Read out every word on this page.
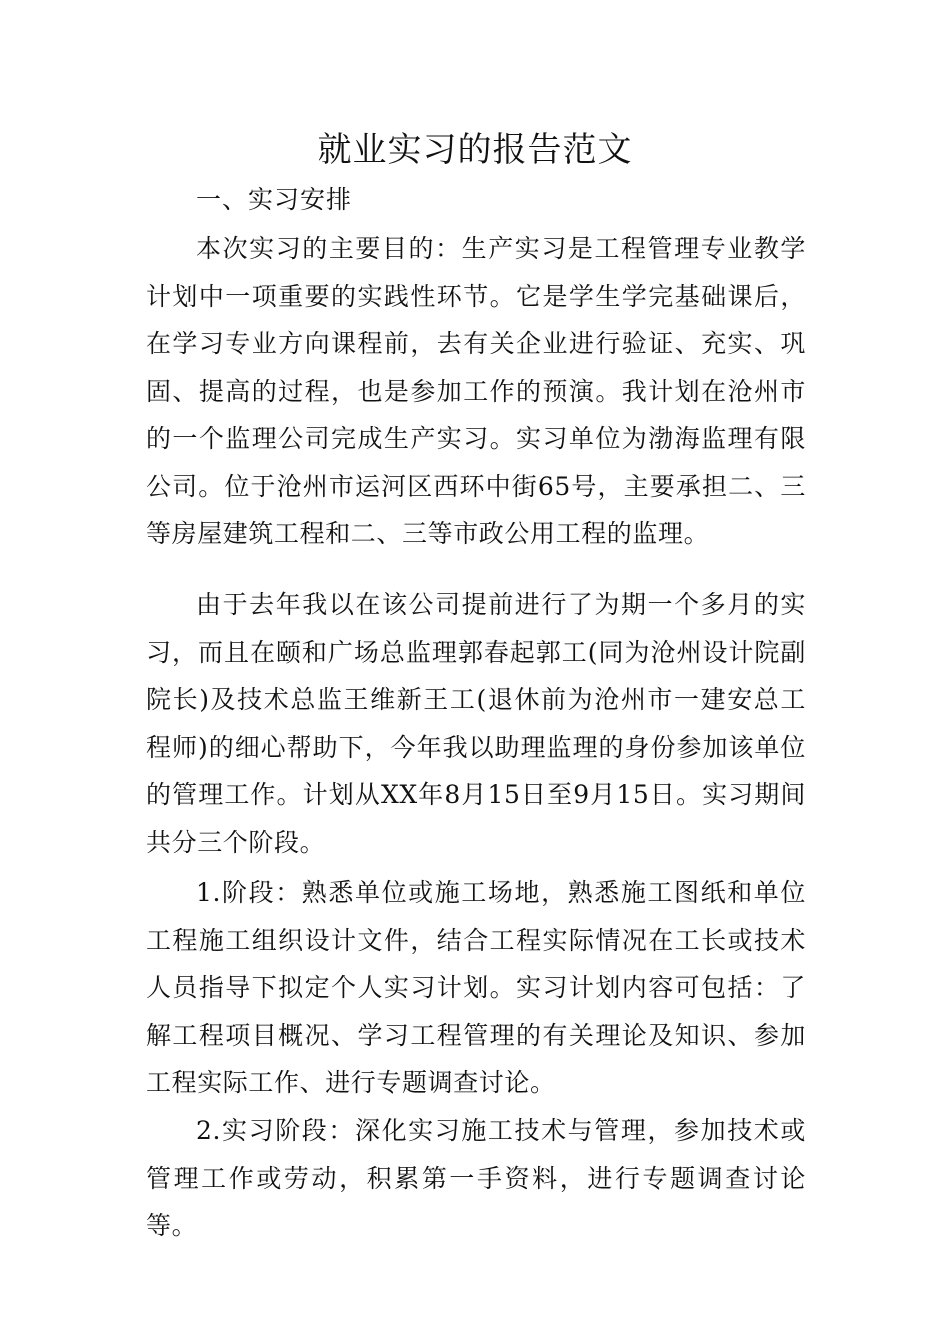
就业实习的报告范文
一、实习安排

本次实习的主要目的：生产实习是工程管理专业教学计划中一项重要的实践性环节。它是学生学完基础课后，在学习专业方向课程前，去有关企业进行验证、充实、巩固、提高的过程，也是参加工作的预演。我计划在沧州市的一个监理公司完成生产实习。实习单位为渤海监理有限公司。位于沧州市运河区西环中街65号，主要承担二、三等房屋建筑工程和二、三等市政公用工程的监理。

由于去年我以在该公司提前进行了为期一个多月的实习，而且在颐和广场总监理郭春起郭工(同为沧州设计院副院长)及技术总监王维新王工(退休前为沧州市一建安总工程师)的细心帮助下，今年我以助理监理的身份参加该单位的管理工作。计划从XX年8月15日至9月15日。实习期间共分三个阶段。

1.阶段：熟悉单位或施工场地，熟悉施工图纸和单位工程施工组织设计文件，结合工程实际情况在工长或技术人员指导下拟定个人实习计划。实习计划内容可包括：了解工程项目概况、学习工程管理的有关理论及知识、参加工程实际工作、进行专题调查讨论。

2.实习阶段：深化实习施工技术与管理，参加技术或管理工作或劳动，积累第一手资料，进行专题调查讨论等。
